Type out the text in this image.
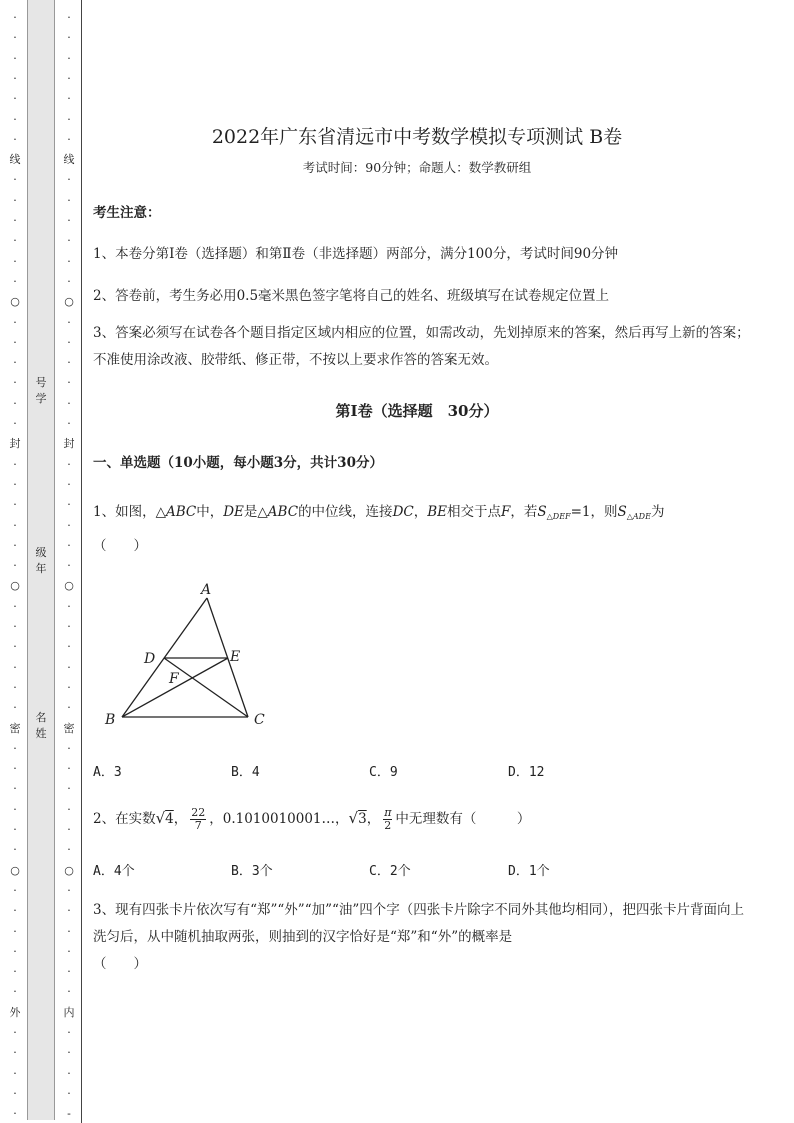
·
·
·
·
·
·
·
线
·
·
·
·
·
·
○
·
·
·
·
·
·
封
·
·
·
·
·
·
○
·
·
·
·
·
·
密
·
·
·
·
·
·
○
·
·
·
·
·
·
外
·
·
·
·
·
·
·
·
·
·
·
·
线
·
·
·
·
·
·
○
·
·
·
·
·
·
封
·
·
·
·
·
·
○
·
·
·
·
·
·
密
·
·
·
·
·
·
○
·
·
·
·
·
·
内
·
·
·
·
-
号
学
级
年
名
姓
2022年广东省清远市中考数学模拟专项测试 B卷
考试时间：90分钟；命题人：数学教研组
考生注意：
1、本卷分第Ⅰ卷（选择题）和第Ⅱ卷（非选择题）两部分，满分100分，考试时间90分钟
2、答卷前，考生务必用0.5毫米黑色签字笔将自己的姓名、班级填写在试卷规定位置上
3、答案必须写在试卷各个题目指定区域内相应的位置，如需改动，先划掉原来的答案，然后再写上新的答案；不准使用涂改液、胶带纸、修正带，不按以上要求作答的答案无效。
第Ⅰ卷（选择题　30分）
一、单选题（10小题，每小题3分，共计30分）
1、如图，△ABC中，DE是△ABC的中位线，连接DC，BE相交于点F，若$S_{\triangle DEF}=1$，则$S_{\triangle ADE}$为
（　　）
A
D	E
F
B	C
A．3	B．4	C．9	D．12
2、在实数√4， $\frac{22}{7}$ ，0.1010010001…，√3， $\frac{\pi}{2}$ 中无理数有（　　　）
A．4个	B．3个	C．2个	D．1个
3、现有四张卡片依次写有“郑”“外”“加”“油”四个字（四张卡片除字不同外其他均相同），把四张卡片背面向上洗匀后，从中随机抽取两张，则抽到的汉字恰好是“郑”和“外”的概率是
（　　）
